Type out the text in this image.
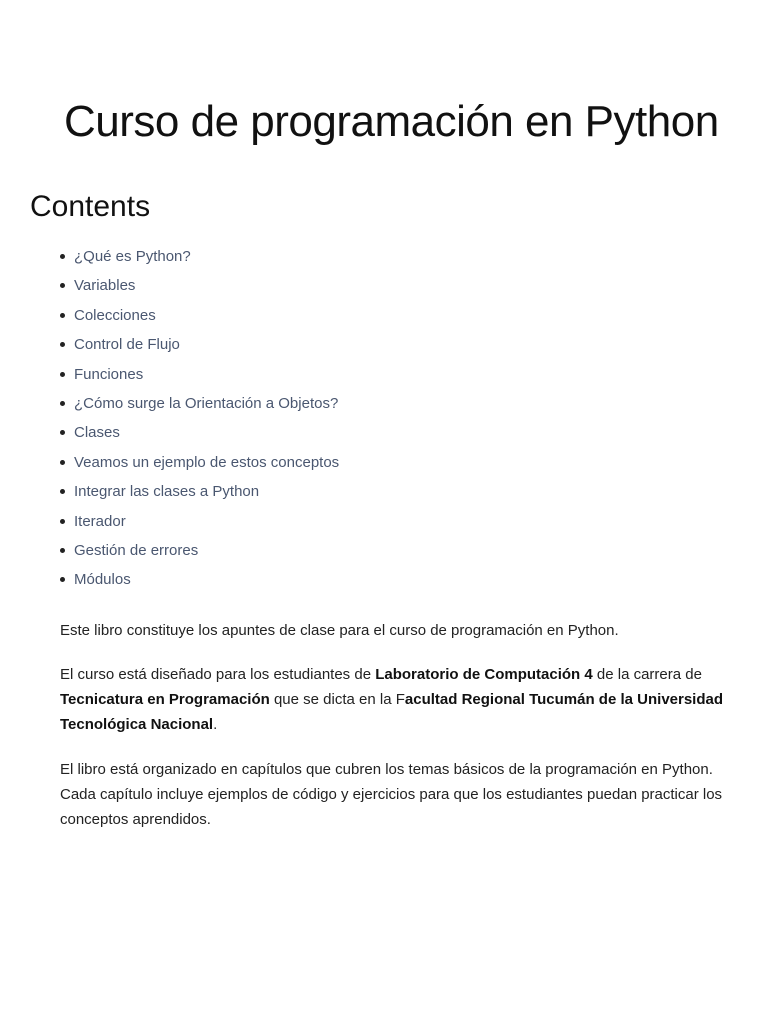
Curso de programación en Python
Contents
¿Qué es Python?
Variables
Colecciones
Control de Flujo
Funciones
¿Cómo surge la Orientación a Objetos?
Clases
Veamos un ejemplo de estos conceptos
Integrar las clases a Python
Iterador
Gestión de errores
Módulos

Este libro constituye los apuntes de clase para el curso de programación en Python.

El curso está diseñado para los estudiantes de Laboratorio de Computación 4 de la carrera de Tecnicatura en Programación que se dicta en la Facultad Regional Tucumán de la Universidad Tecnológica Nacional.

El libro está organizado en capítulos que cubren los temas básicos de la programación en Python. Cada capítulo incluye ejemplos de código y ejercicios para que los estudiantes puedan practicar los conceptos aprendidos.
